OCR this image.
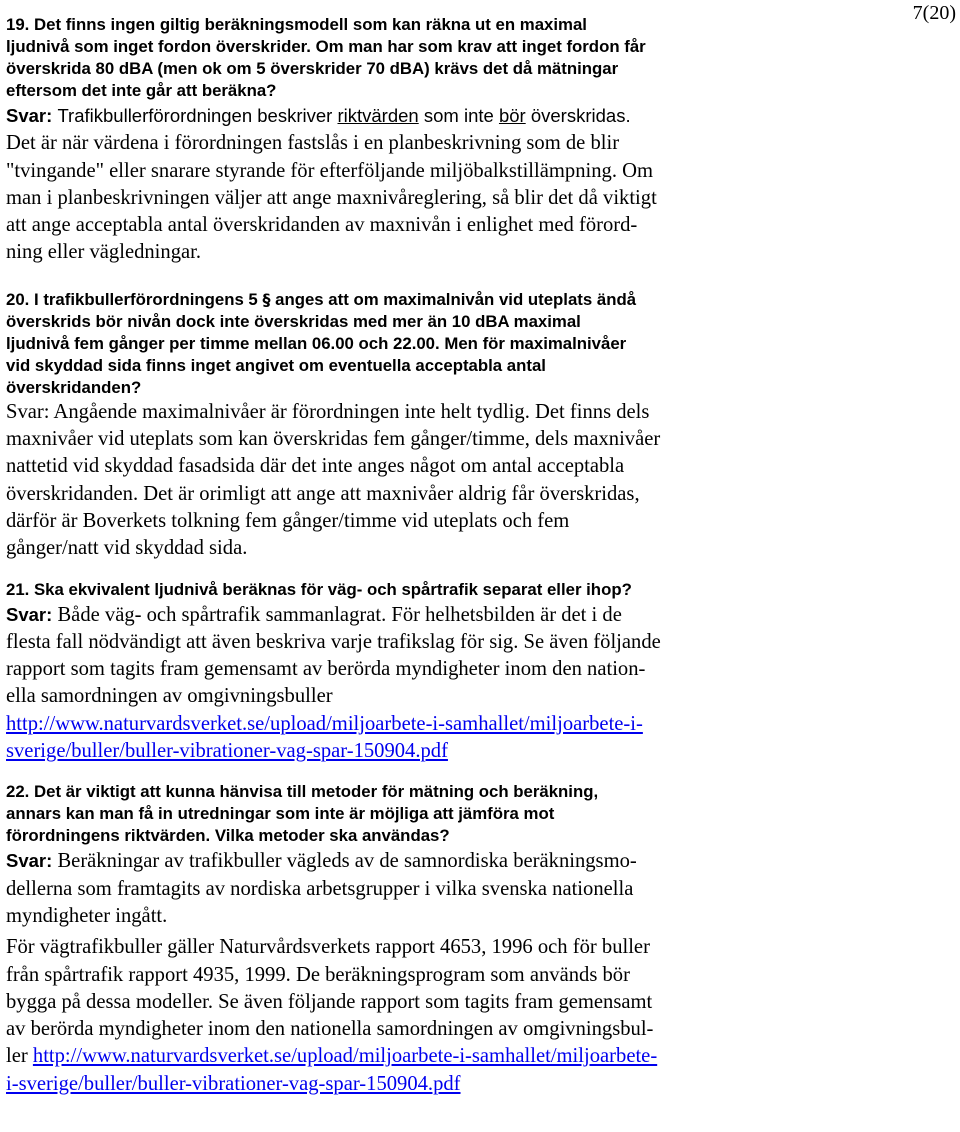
7(20)

19. Det finns ingen giltig beräkningsmodell som kan räkna ut en maximal
ljudnivå som inget fordon överskrider. Om man har som krav att inget fordon får
överskrida 80 dBA (men ok om 5 överskrider 70 dBA) krävs det då mätningar
eftersom det inte går att beräkna?

Svar: Trafikbullerförordningen beskriver riktvärden som inte bör överskridas.
Det är när värdena i förordningen fastslås i en planbeskrivning som de blir
"tvingande" eller snarare styrande för efterföljande miljöbalkstillämpning. Om
man i planbeskrivningen väljer att ange maxnivåreglering, så blir det då viktigt
att ange acceptabla antal överskridanden av maxnivån i enlighet med förord-
ning eller vägledningar.

20. I trafikbullerförordningens 5 § anges att om maximalnivån vid uteplats ändå
överskrids bör nivån dock inte överskridas med mer än 10 dBA maximal
ljudnivå fem gånger per timme mellan 06.00 och 22.00. Men för maximalnivåer
vid skyddad sida finns inget angivet om eventuella acceptabla antal
överskridanden?

Svar: Angående maximalnivåer är förordningen inte helt tydlig. Det finns dels
maxnivåer vid uteplats som kan överskridas fem gånger/timme, dels maxnivåer
nattetid vid skyddad fasadsida där det inte anges något om antal acceptabla
överskridanden. Det är orimligt att ange att maxnivåer aldrig får överskridas,
därför är Boverkets tolkning fem gånger/timme vid uteplats och fem
gånger/natt vid skyddad sida.

21. Ska ekvivalent ljudnivå beräknas för väg- och spårtrafik separat eller ihop?

Svar: Både väg- och spårtrafik sammanlagrat. För helhetsbilden är det i de
flesta fall nödvändigt att även beskriva varje trafikslag för sig. Se även följande
rapport som tagits fram gemensamt av berörda myndigheter inom den nation-
ella samordningen av omgivningsbuller
http://www.naturvardsverket.se/upload/miljoarbete-i-samhallet/miljoarbete-i-
sverige/buller/buller-vibrationer-vag-spar-150904.pdf

22. Det är viktigt att kunna hänvisa till metoder för mätning och beräkning,
annars kan man få in utredningar som inte är möjliga att jämföra mot
förordningens riktvärden. Vilka metoder ska användas?

Svar: Beräkningar av trafikbuller vägleds av de samnordiska beräkningsmo-
dellerna som framtagits av nordiska arbetsgrupper i vilka svenska nationella
myndigheter ingått.

För vägtrafikbuller gäller Naturvårdsverkets rapport 4653, 1996 och för buller
från spårtrafik rapport 4935, 1999. De beräkningsprogram som används bör
bygga på dessa modeller. Se även följande rapport som tagits fram gemensamt
av berörda myndigheter inom den nationella samordningen av omgivningsbul-
ler http://www.naturvardsverket.se/upload/miljoarbete-i-samhallet/miljoarbete-
i-sverige/buller/buller-vibrationer-vag-spar-150904.pdf
